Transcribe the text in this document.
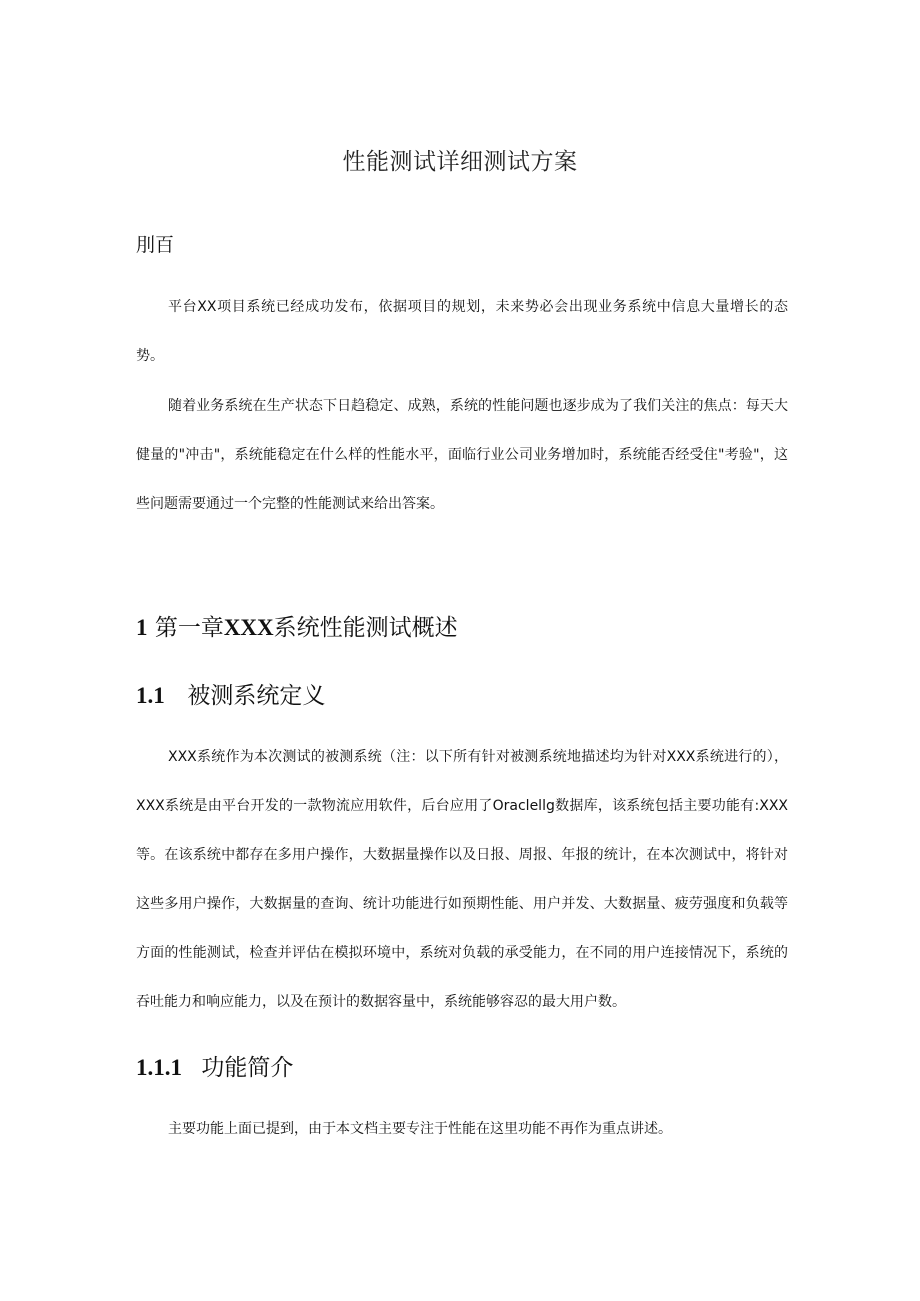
性能测试详细测试方案
刖百

平台XX项目系统已经成功发布，依据项目的规划，未来势必会出现业务系统中信息大量增长的态势。

随着业务系统在生产状态下日趋稳定、成熟，系统的性能问题也逐步成为了我们关注的焦点：每天大健量的"冲击"，系统能稳定在什么样的性能水平，面临行业公司业务增加时，系统能否经受住"考验"，这些问题需要通过一个完整的性能测试来给出答案。

1 第一章XXX系统性能测试概述
1.1 被测系统定义

XXX系统作为本次测试的被测系统（注：以下所有针对被测系统地描述均为针对XXX系统进行的），XXX系统是由平台开发的一款物流应用软件，后台应用了Oraclellg数据库，该系统包括主要功能有:XXX等。在该系统中都存在多用户操作，大数据量操作以及日报、周报、年报的统计，在本次测试中，将针对这些多用户操作，大数据量的查询、统计功能进行如预期性能、用户并发、大数据量、疲劳强度和负载等方面的性能测试，检查并评估在模拟环境中，系统对负载的承受能力，在不同的用户连接情况下，系统的吞吐能力和响应能力，以及在预计的数据容量中，系统能够容忍的最大用户数。

1.1.1 功能简介

主要功能上面已提到，由于本文档主要专注于性能在这里功能不再作为重点讲述。
